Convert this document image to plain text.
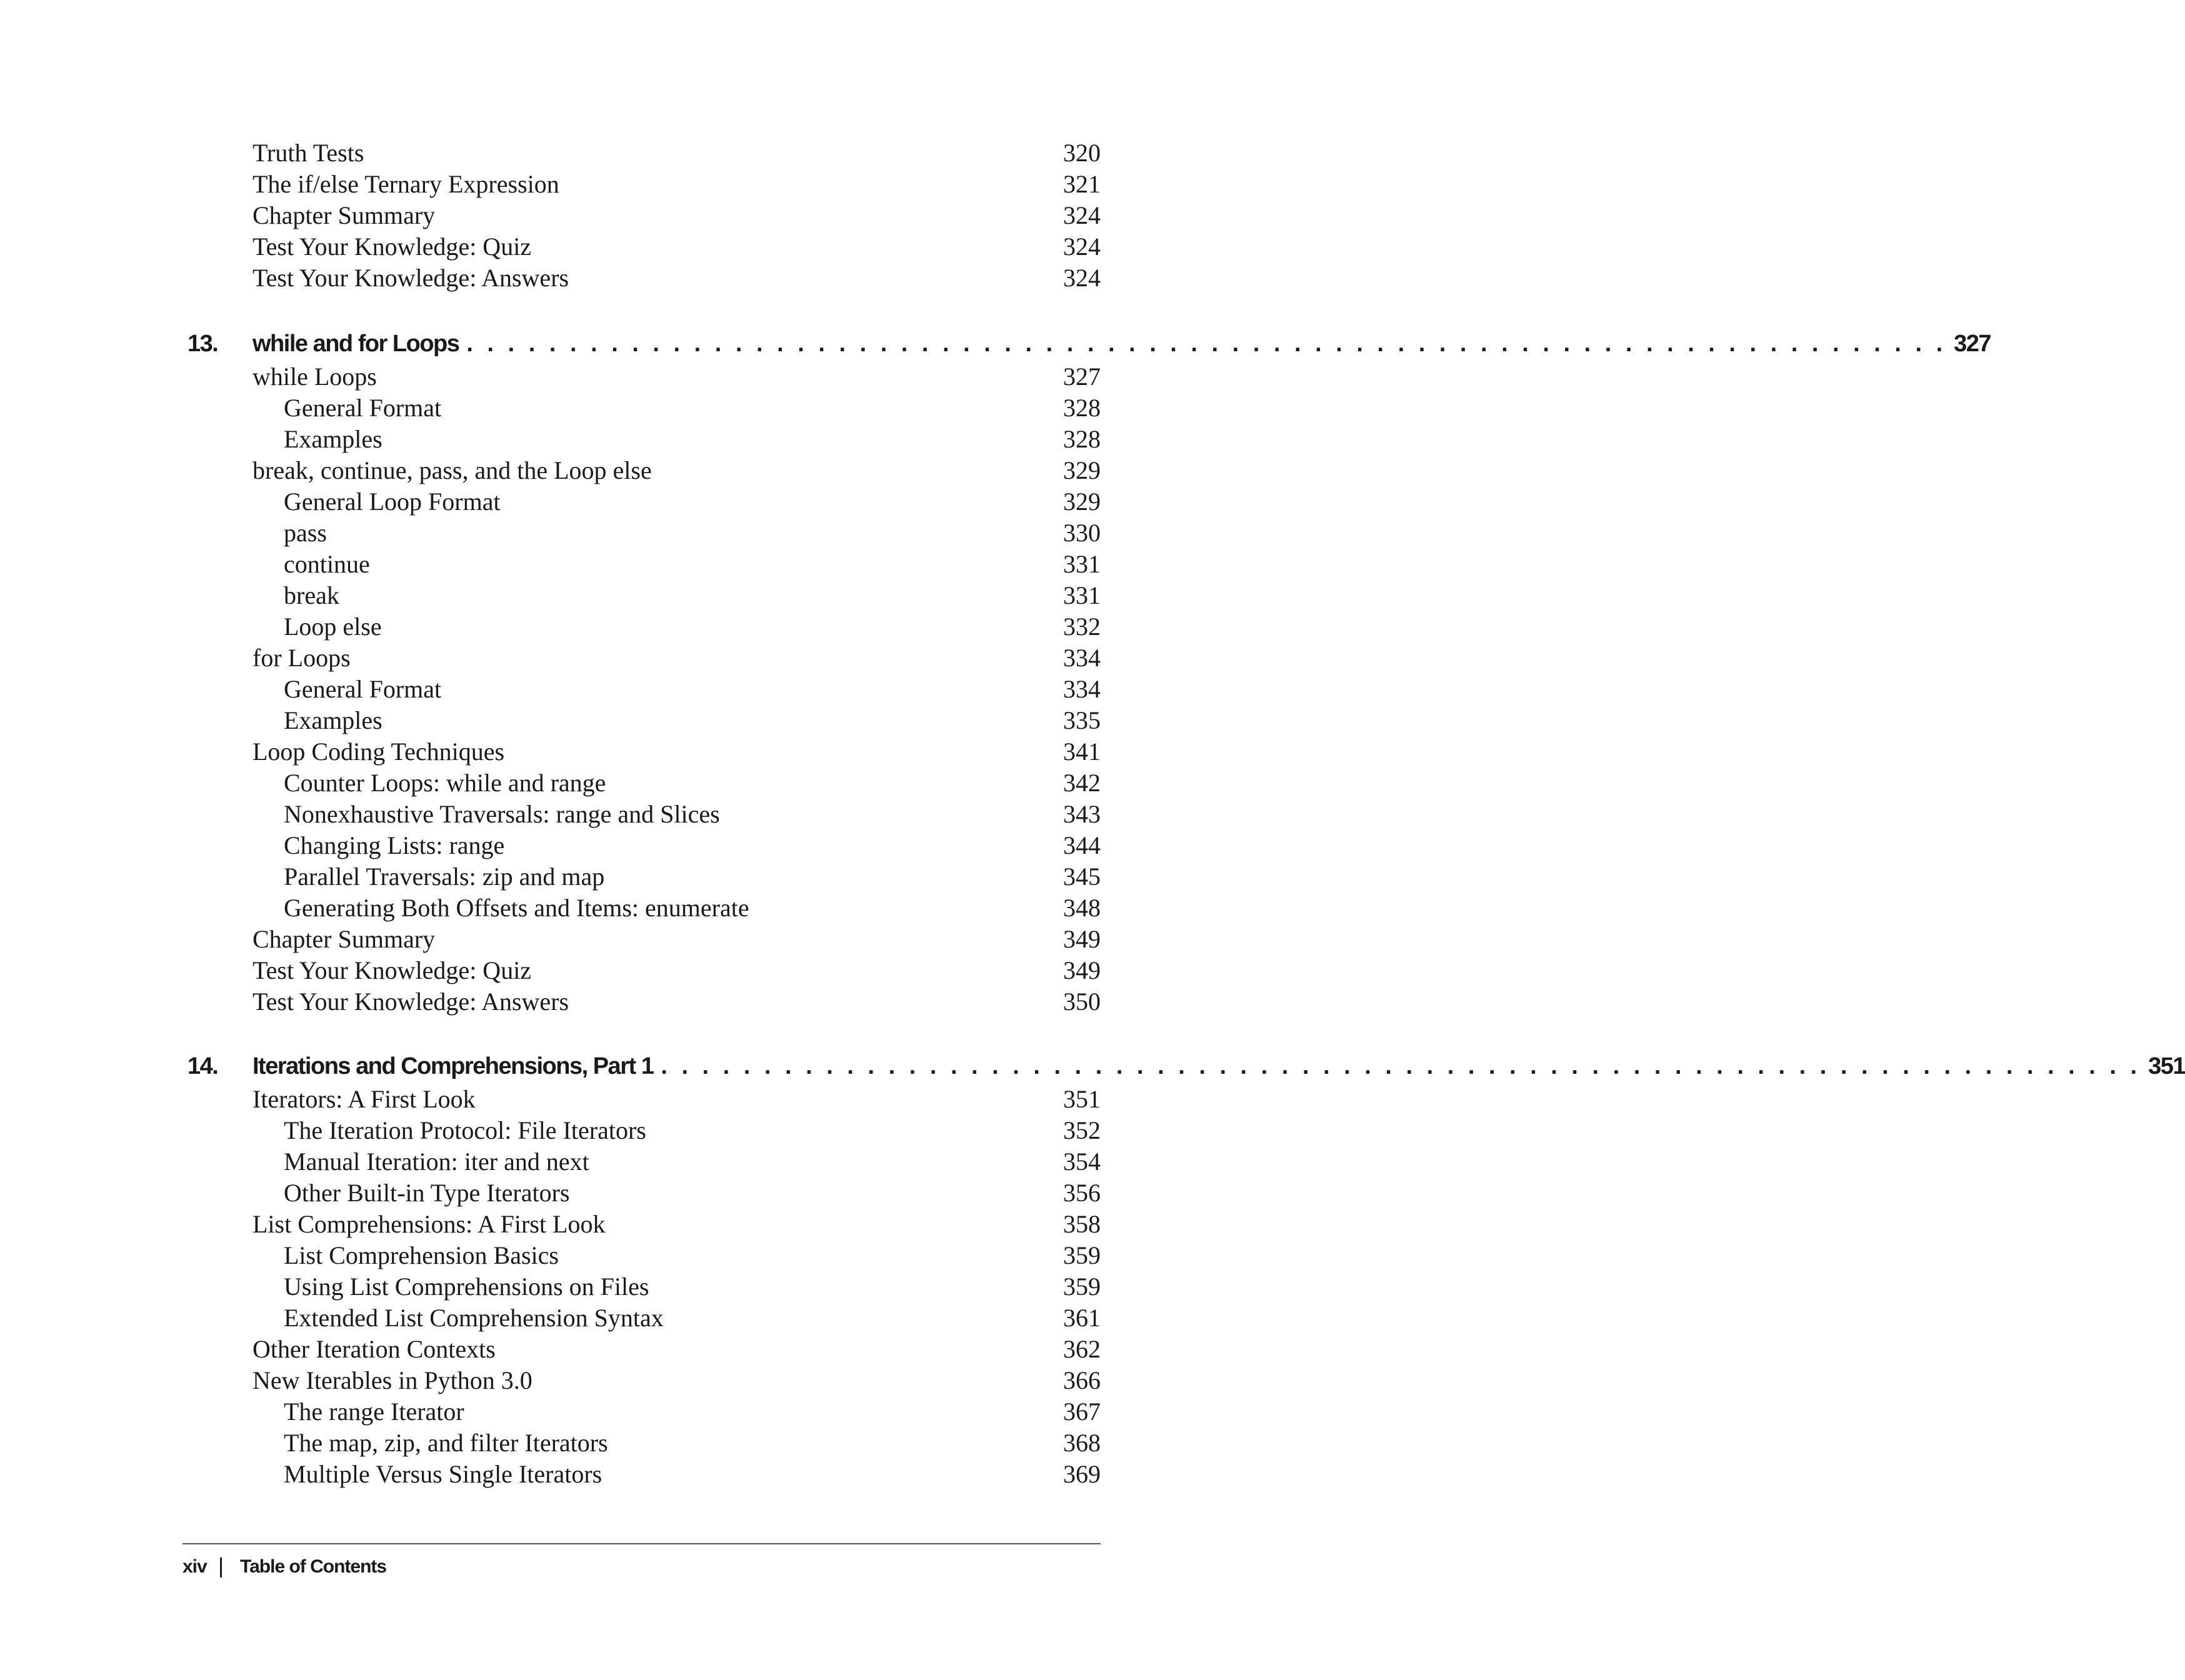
Truth Tests	320
The if/else Ternary Expression	321
Chapter Summary	324
Test Your Knowledge: Quiz	324
Test Your Knowledge: Answers	324
13.	while and for Loops . . . . . . . . . . . . . . . . . . . . . . . . . . . . . . . . . . . . . . . . . . . . . . . . . . . . . . . . . . . . . . . . . . . . . . . . 327
while Loops	327
General Format	328
Examples	328
break, continue, pass, and the Loop else	329
General Loop Format	329
pass	330
continue	331
break	331
Loop else	332
for Loops	334
General Format	334
Examples	335
Loop Coding Techniques	341
Counter Loops: while and range	342
Nonexhaustive Traversals: range and Slices	343
Changing Lists: range	344
Parallel Traversals: zip and map	345
Generating Both Offsets and Items: enumerate	348
Chapter Summary	349
Test Your Knowledge: Quiz	349
Test Your Knowledge: Answers	350
14.	Iterations and Comprehensions, Part 1 . . . . . . . . . . . . . . . . . . . . . . . . . . . . . . . . . . . . . . . . . . . . . . . . . . . . . . . . . . . . . . . . . . . . . . . . 351
Iterators: A First Look	351
The Iteration Protocol: File Iterators	352
Manual Iteration: iter and next	354
Other Built-in Type Iterators	356
List Comprehensions: A First Look	358
List Comprehension Basics	359
Using List Comprehensions on Files	359
Extended List Comprehension Syntax	361
Other Iteration Contexts	362
New Iterables in Python 3.0	366
The range Iterator	367
The map, zip, and filter Iterators	368
Multiple Versus Single Iterators	369
xiv Table of Contents
